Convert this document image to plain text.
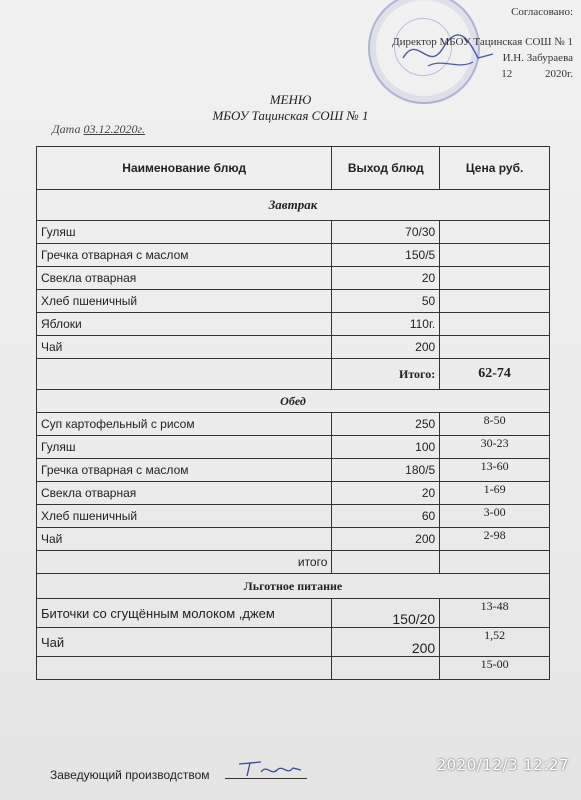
Согласовано:
Директор МБОУ Тацинская СОШ № 1
И.Н. Забураева
12	2020г.
МЕНЮ
МБОУ Тацинская СОШ № 1
Дата 03.12.2020г.
Наименование блюд	Выход блюд	Цена руб.
Завтрак		
Гуляш	70/30	
Гречка отварная с маслом	150/5	
Свекла отварная	20	
Хлеб пшеничный	50	
Яблоки	110г.	
Чай	200	
	Итого:	62-74
Обед		
Суп картофельный с рисом	250	8-50
Гуляш	100	30-23
Гречка отварная с маслом	180/5	13-60
Свекла отварная	20	1-69
Хлеб пшеничный	60	3-00
Чай	200	2-98
итого		
Льготное питание		
Биточки со сгущённым молоком ,джем	150/20	13-48
Чай	200	1,52
		15-00
Заведующий производством
2020/12/3 12:27
